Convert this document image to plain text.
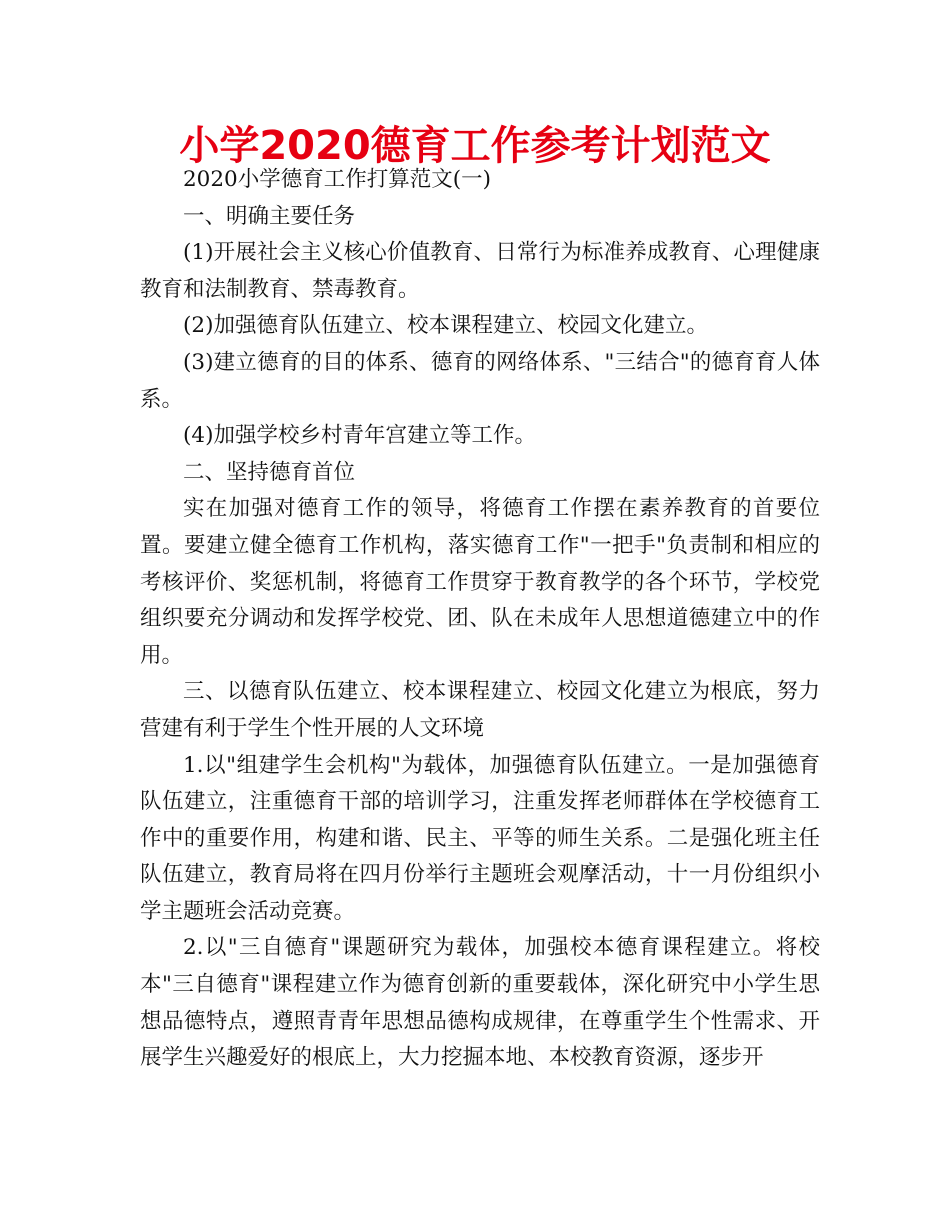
小学2020德育工作参考计划范文

2020小学德育工作打算范文(一)

一、明确主要任务

(1)开展社会主义核心价值教育、日常行为标准养成教育、心理健康教育和法制教育、禁毒教育。

(2)加强德育队伍建立、校本课程建立、校园文化建立。

(3)建立德育的目的体系、德育的网络体系、"三结合"的德育育人体系。

(4)加强学校乡村青年宫建立等工作。

二、坚持德育首位

实在加强对德育工作的领导，将德育工作摆在素养教育的首要位置。要建立健全德育工作机构，落实德育工作"一把手"负责制和相应的考核评价、奖惩机制，将德育工作贯穿于教育教学的各个环节，学校党组织要充分调动和发挥学校党、团、队在未成年人思想道德建立中的作用。

三、以德育队伍建立、校本课程建立、校园文化建立为根底，努力营建有利于学生个性开展的人文环境

1.以"组建学生会机构"为载体，加强德育队伍建立。一是加强德育队伍建立，注重德育干部的培训学习，注重发挥老师群体在学校德育工作中的重要作用，构建和谐、民主、平等的师生关系。二是强化班主任队伍建立，教育局将在四月份举行主题班会观摩活动，十一月份组织小学主题班会活动竞赛。

2.以"三自德育"课题研究为载体，加强校本德育课程建立。将校本"三自德育"课程建立作为德育创新的重要载体，深化研究中小学生思想品德特点，遵照青青年思想品德构成规律，在尊重学生个性需求、开展学生兴趣爱好的根底上，大力挖掘本地、本校教育资源，逐步开
